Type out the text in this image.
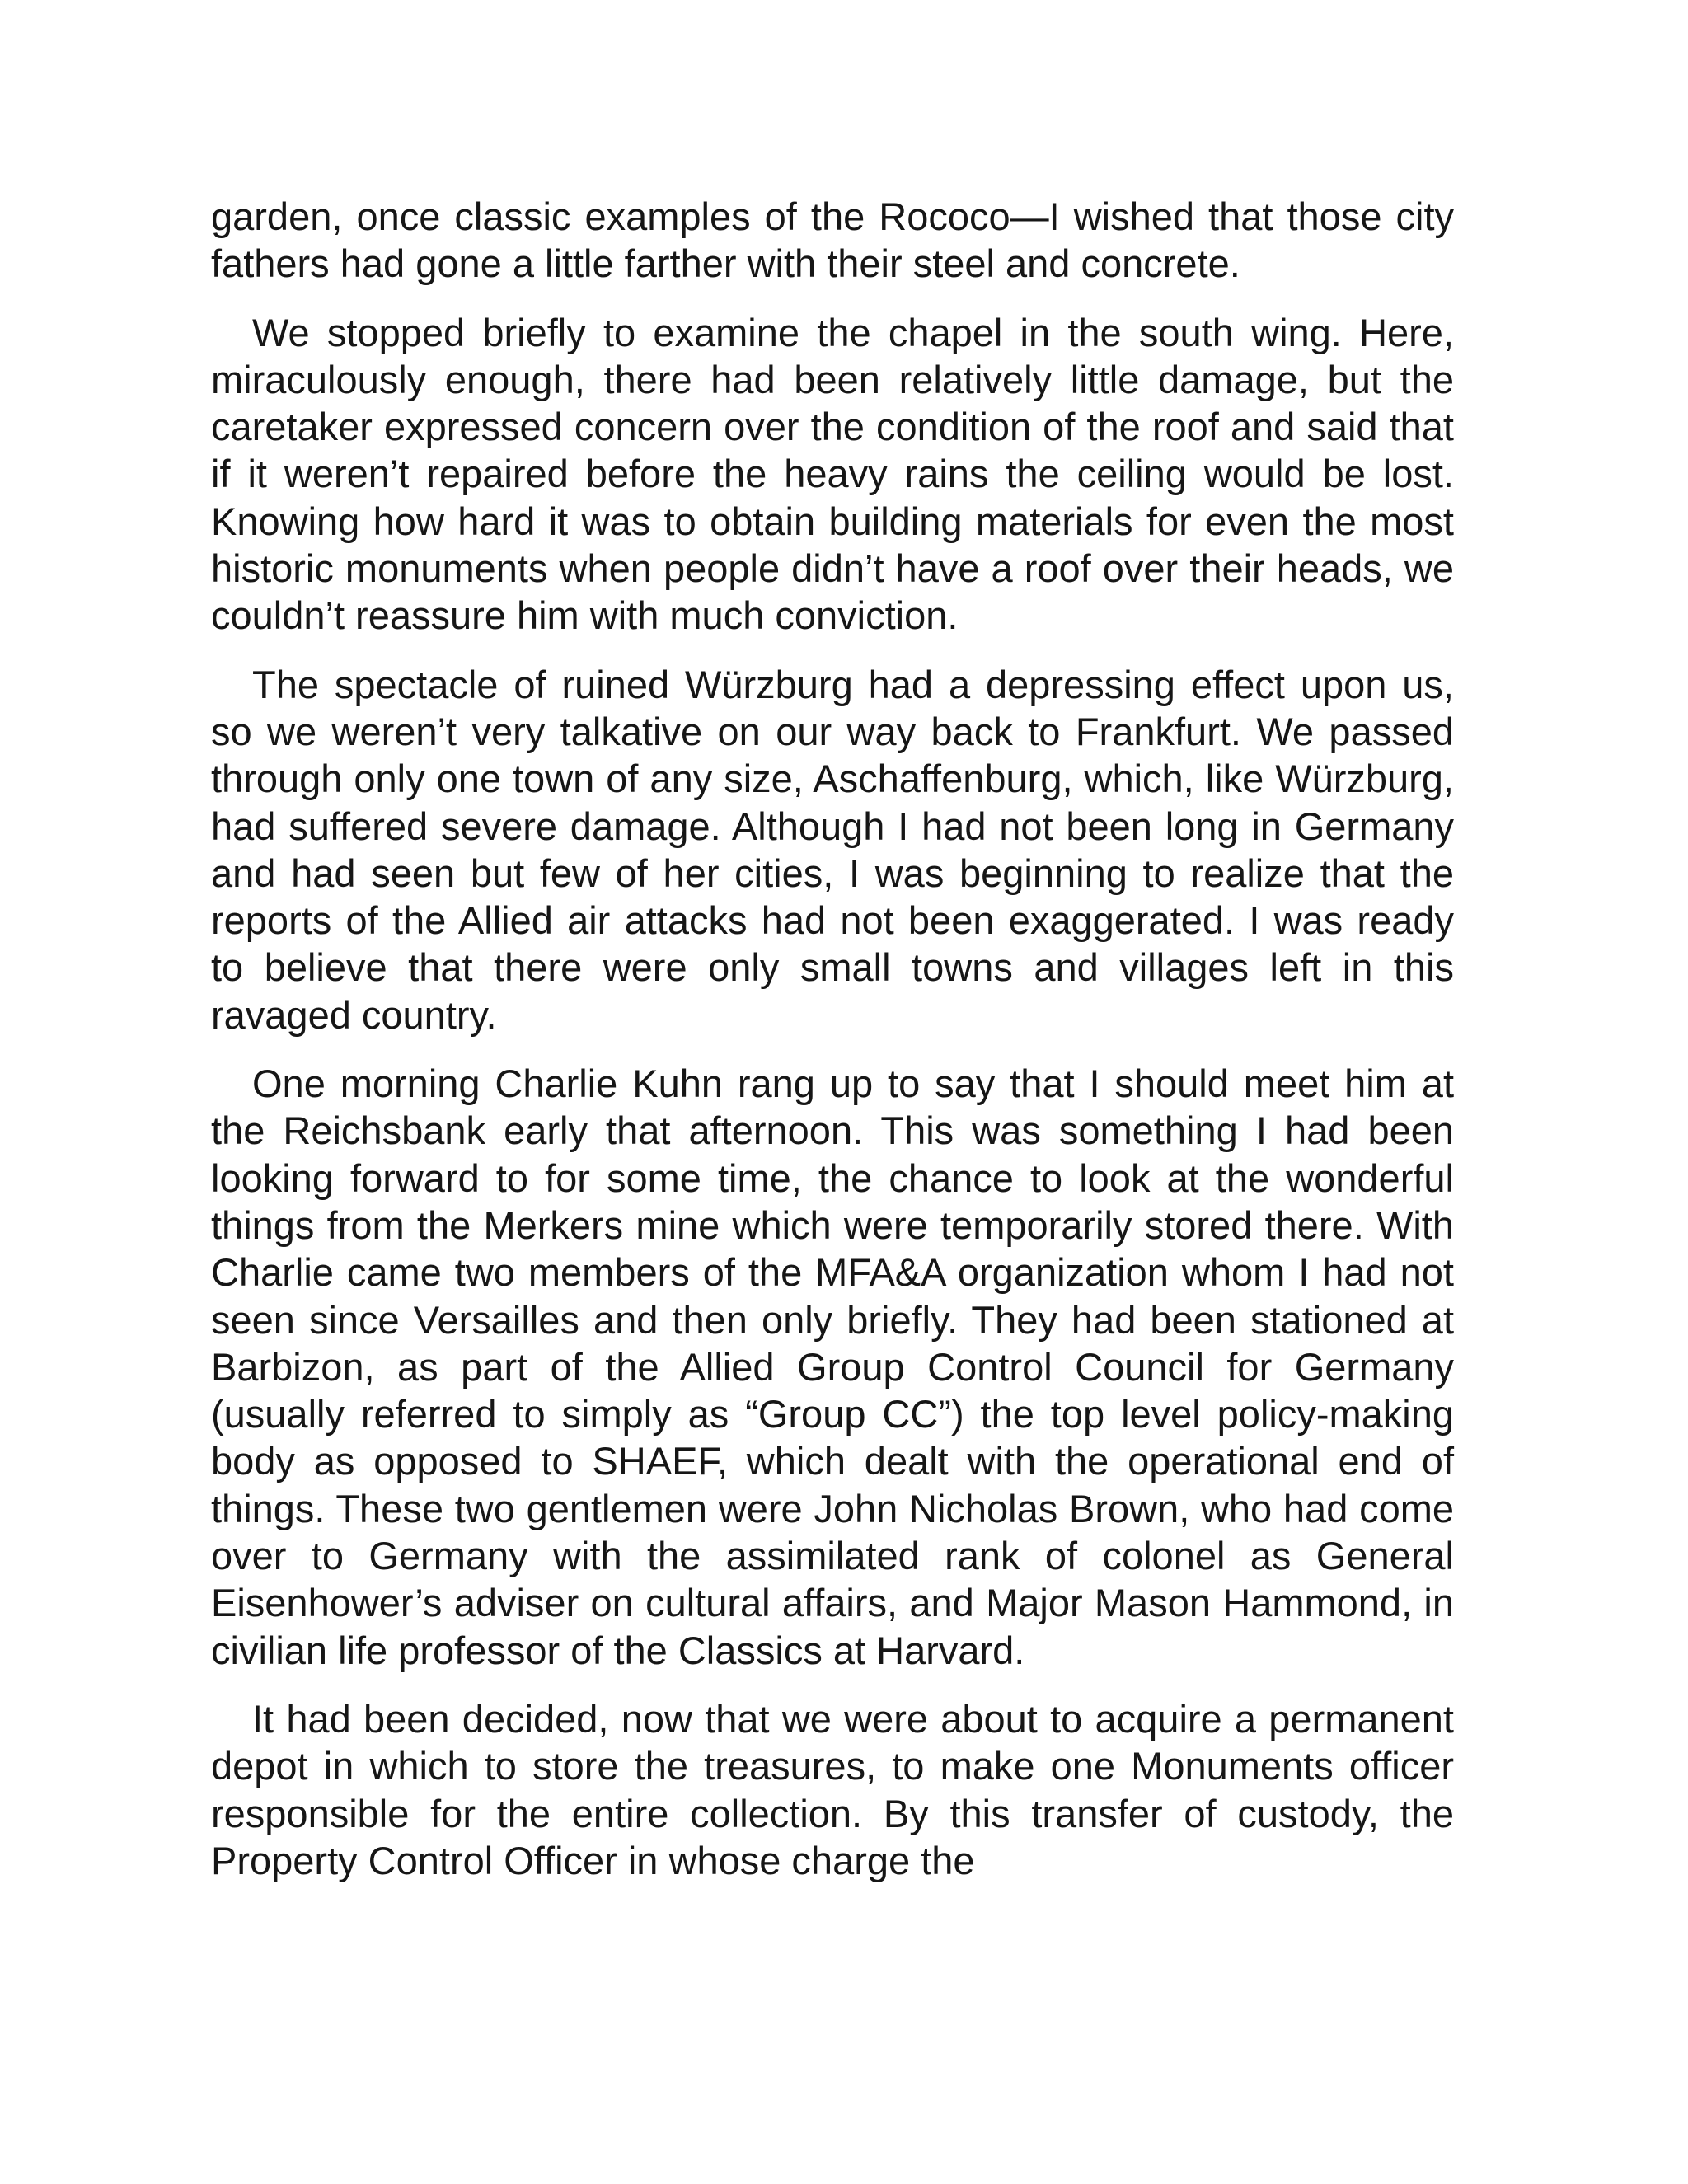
garden, once classic examples of the Rococo—I wished that those city fathers had gone a little farther with their steel and concrete.

We stopped briefly to examine the chapel in the south wing. Here, miraculously enough, there had been relatively little damage, but the caretaker expressed concern over the condition of the roof and said that if it weren’t repaired before the heavy rains the ceiling would be lost. Knowing how hard it was to obtain building materials for even the most historic monuments when people didn’t have a roof over their heads, we couldn’t reassure him with much conviction.

The spectacle of ruined Würzburg had a depressing effect upon us, so we weren’t very talkative on our way back to Frankfurt. We passed through only one town of any size, Aschaffenburg, which, like Würzburg, had suffered severe damage. Although I had not been long in Germany and had seen but few of her cities, I was beginning to realize that the reports of the Allied air attacks had not been exaggerated. I was ready to believe that there were only small towns and villages left in this ravaged country.

One morning Charlie Kuhn rang up to say that I should meet him at the Reichsbank early that afternoon. This was something I had been looking forward to for some time, the chance to look at the wonderful things from the Merkers mine which were temporarily stored there. With Charlie came two members of the MFA&A organization whom I had not seen since Versailles and then only briefly. They had been stationed at Barbizon, as part of the Allied Group Control Council for Germany (usually referred to simply as “Group CC”) the top level policy-making body as opposed to SHAEF, which dealt with the operational end of things. These two gentlemen were John Nicholas Brown, who had come over to Germany with the assimilated rank of colonel as General Eisenhower’s adviser on cultural affairs, and Major Mason Hammond, in civilian life professor of the Classics at Harvard.

It had been decided, now that we were about to acquire a permanent depot in which to store the treasures, to make one Monuments officer responsible for the entire collection. By this transfer of custody, the Property Control Officer in whose charge the
